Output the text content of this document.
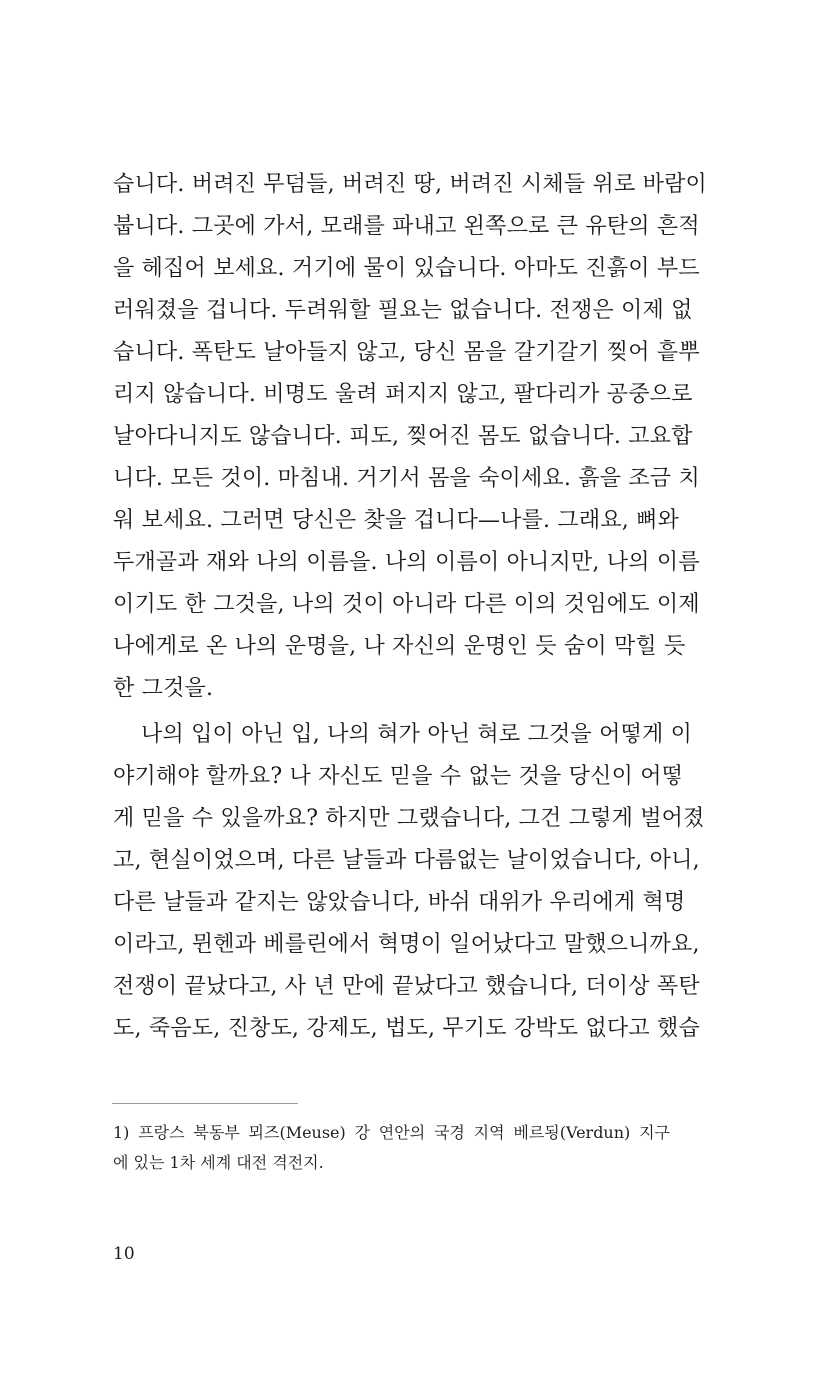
습니다. 버려진 무덤들, 버려진 땅, 버려진 시체들 위로 바람이
붑니다. 그곳에 가서, 모래를 파내고 왼쪽으로 큰 유탄의 흔적
을 헤집어 보세요. 거기에 물이 있습니다. 아마도 진흙이 부드
러워졌을 겁니다. 두려워할 필요는 없습니다. 전쟁은 이제 없
습니다. 폭탄도 날아들지 않고, 당신 몸을 갈기갈기 찢어 흩뿌
리지 않습니다. 비명도 울려 퍼지지 않고, 팔다리가 공중으로
날아다니지도 않습니다. 피도, 찢어진 몸도 없습니다. 고요합
니다. 모든 것이. 마침내. 거기서 몸을 숙이세요. 흙을 조금 치
워 보세요. 그러면 당신은 찾을 겁니다—나를. 그래요, 뼈와
두개골과 재와 나의 이름을. 나의 이름이 아니지만, 나의 이름
이기도 한 그것을, 나의 것이 아니라 다른 이의 것임에도 이제
나에게로 온 나의 운명을, 나 자신의 운명인 듯 숨이 막힐 듯
한 그것을.
나의 입이 아닌 입, 나의 혀가 아닌 혀로 그것을 어떻게 이
야기해야 할까요? 나 자신도 믿을 수 없는 것을 당신이 어떻
게 믿을 수 있을까요? 하지만 그랬습니다, 그건 그렇게 벌어졌
고, 현실이었으며, 다른 날들과 다름없는 날이었습니다, 아니,
다른 날들과 같지는 않았습니다, 바쉬 대위가 우리에게 혁명
이라고, 뮌헨과 베를린에서 혁명이 일어났다고 말했으니까요,
전쟁이 끝났다고, 사 년 만에 끝났다고 했습니다, 더이상 폭탄
도, 죽음도, 진창도, 강제도, 법도, 무기도 강박도 없다고 했습
1) 프랑스 북동부 뫼즈(Meuse) 강 연안의 국경 지역 베르됭(Verdun) 지구
에 있는 1차 세계 대전 격전지.
10
